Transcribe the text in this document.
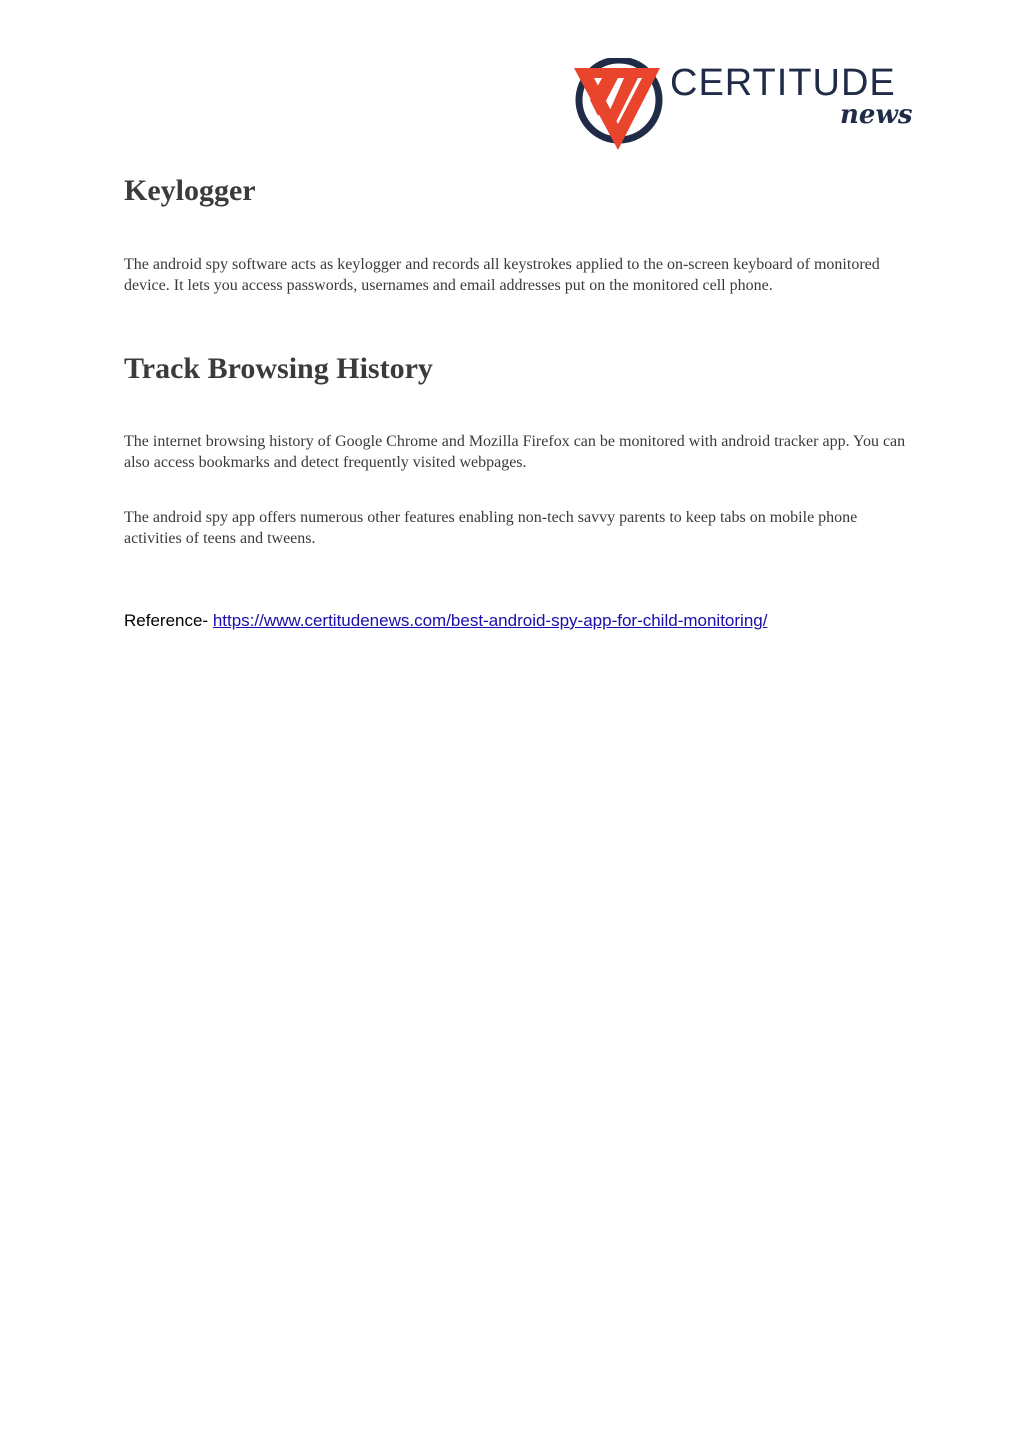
CERTITUDE
news
Keylogger

The android spy software acts as keylogger and records all keystrokes applied to the on-screen keyboard of monitored device. It lets you access passwords, usernames and email addresses put on the monitored cell phone.

Track Browsing History

The internet browsing history of Google Chrome and Mozilla Firefox can be monitored with android tracker app. You can also access bookmarks and detect frequently visited webpages.

The android spy app offers numerous other features enabling non-tech savvy parents to keep tabs on mobile phone activities of teens and tweens.

Reference- https://www.certitudenews.com/best-android-spy-app-for-child-monitoring/
